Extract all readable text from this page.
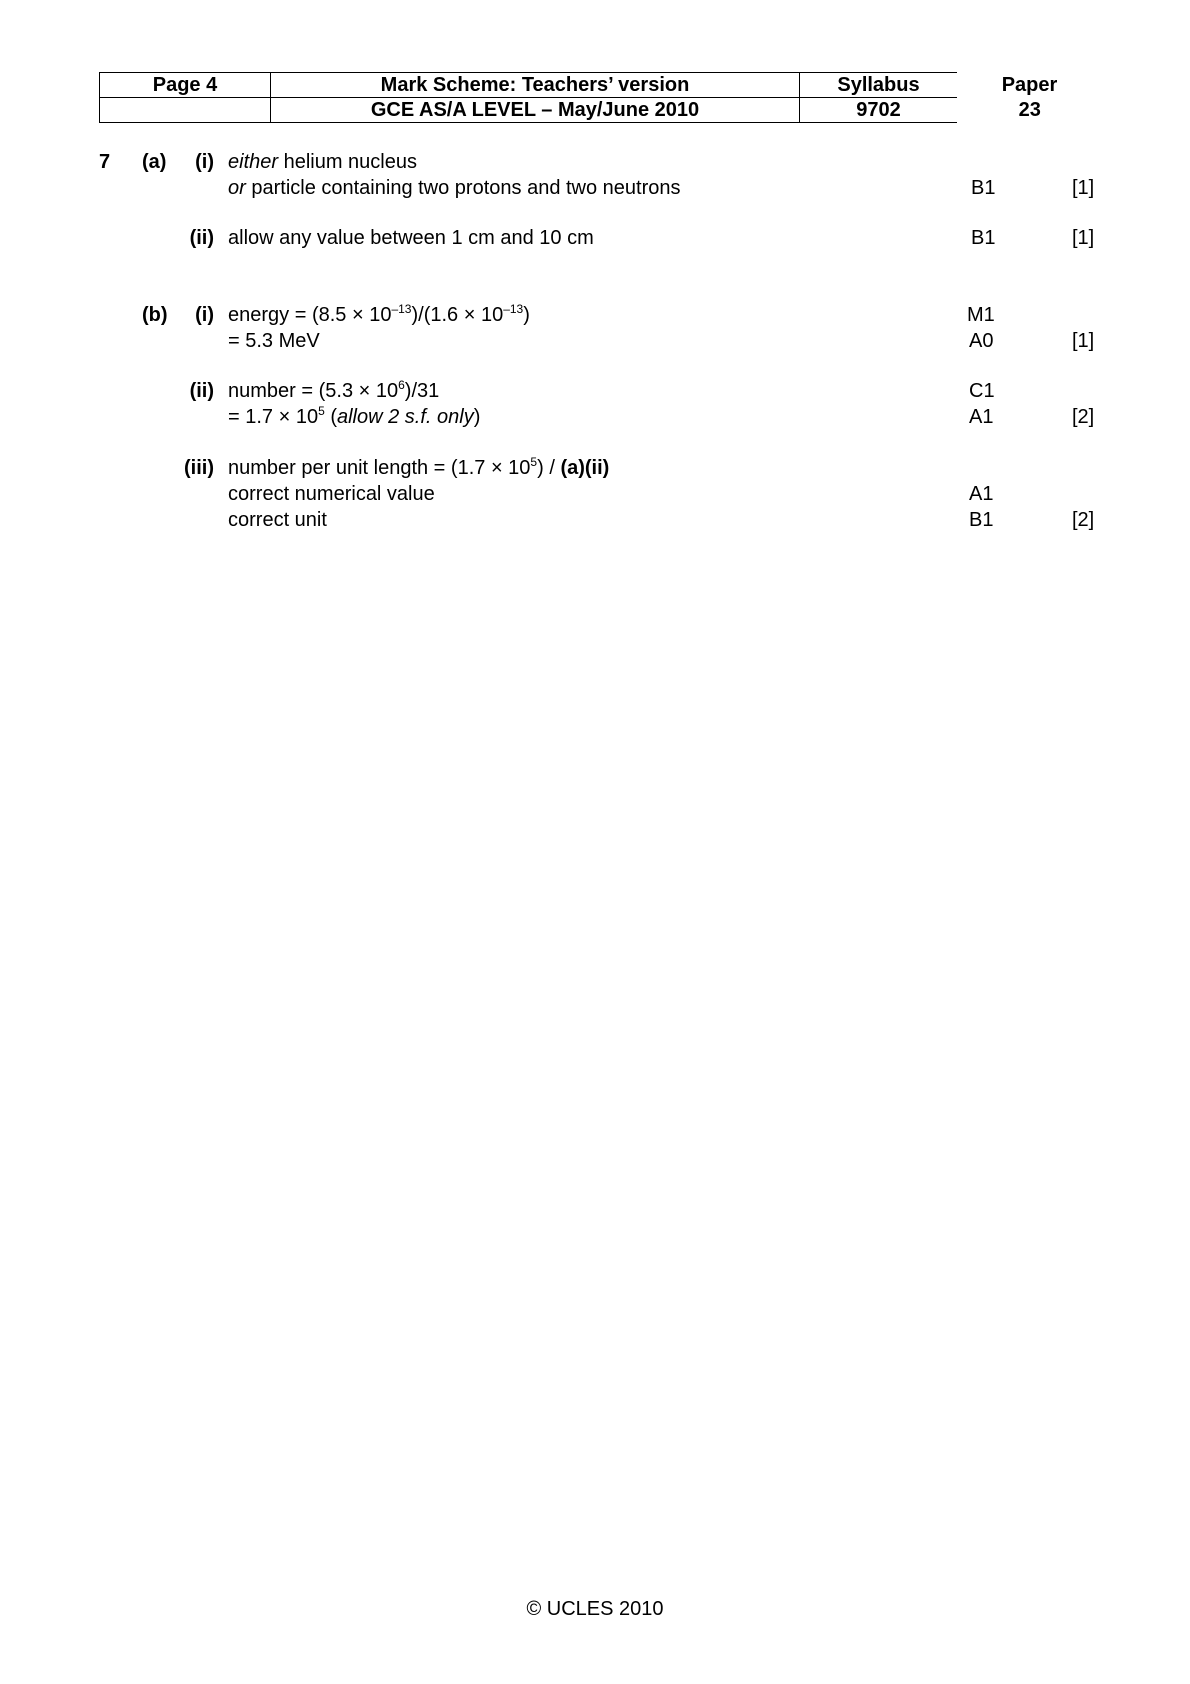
Page 4	Mark Scheme: Teachers’ version	Syllabus	Paper
	GCE AS/A LEVEL – May/June 2010	9702	23
7 (a)	(i) either helium nucleus
or particle containing two protons and two neutrons	B1	[1]
(ii) allow any value between 1 cm and 10 cm	B1	[1]
(b)	(i) energy = $(8.5 \times 10^{-13})/(1.6 \times 10^{-13})$	M1
= 5.3 MeV	A0	[1]
(ii) number = $(5.3 \times 10^6)/31$	C1
= $1.7 \times 10^5$ (allow 2 s.f. only)	A1	[2]
(iii) number per unit length = $(1.7 \times 10^5) / (a)(ii)$
correct numerical value	A1
correct unit	B1	[2]
© UCLES 2010
